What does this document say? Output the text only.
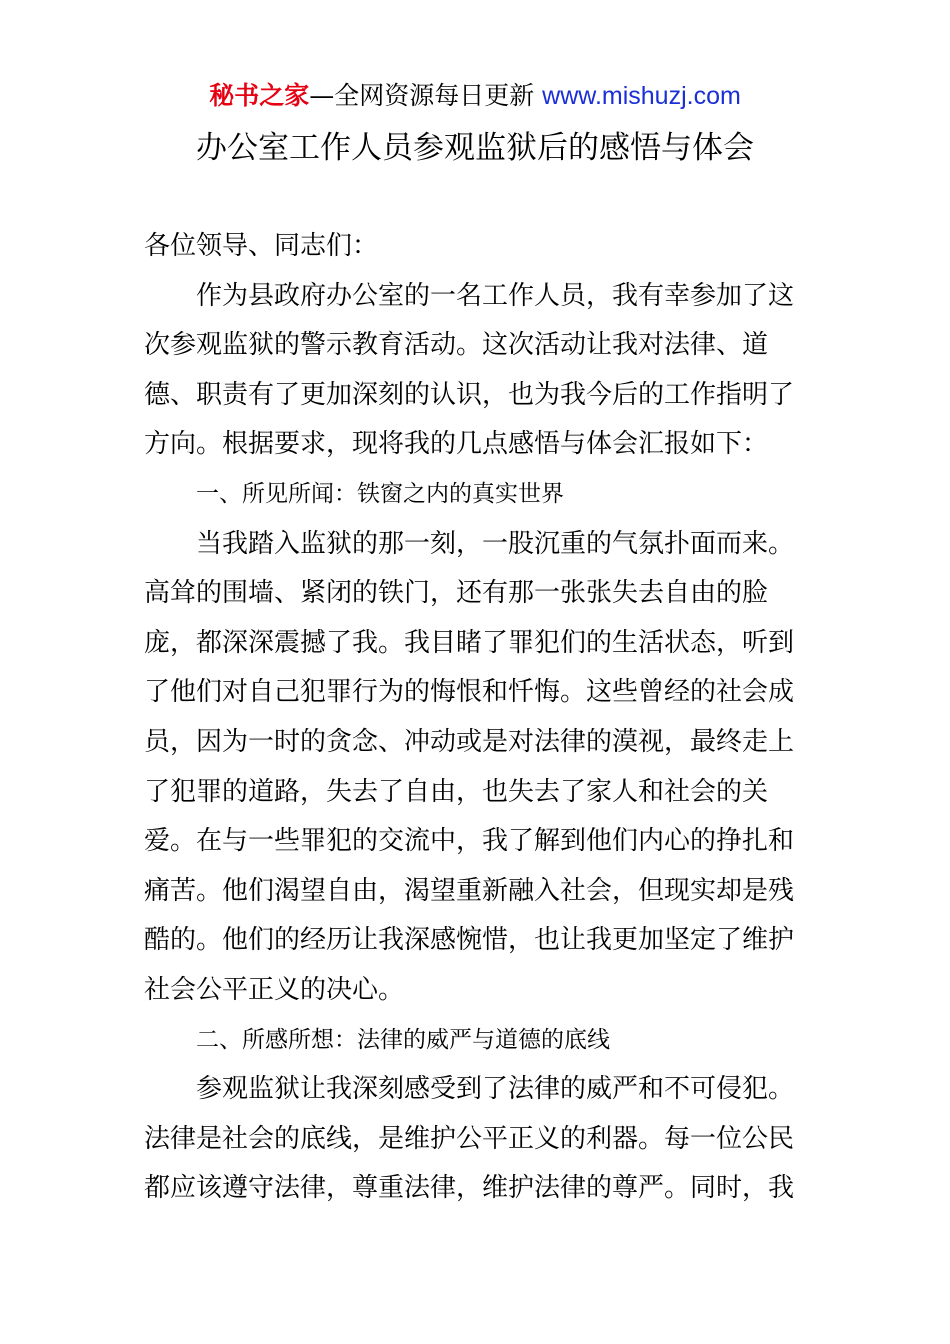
秘书之家—全网资源每日更新 www.mishuzj.com
办公室工作人员参观监狱后的感悟与体会
各位领导、同志们：
作为县政府办公室的一名工作人员，我有幸参加了这
次参观监狱的警示教育活动。这次活动让我对法律、道
德、职责有了更加深刻的认识，也为我今后的工作指明了
方向。根据要求，现将我的几点感悟与体会汇报如下：
一、所见所闻：铁窗之内的真实世界
当我踏入监狱的那一刻，一股沉重的气氛扑面而来。
高耸的围墙、紧闭的铁门，还有那一张张失去自由的脸
庞，都深深震撼了我。我目睹了罪犯们的生活状态，听到
了他们对自己犯罪行为的悔恨和忏悔。这些曾经的社会成
员，因为一时的贪念、冲动或是对法律的漠视，最终走上
了犯罪的道路，失去了自由，也失去了家人和社会的关
爱。在与一些罪犯的交流中，我了解到他们内心的挣扎和
痛苦。他们渴望自由，渴望重新融入社会，但现实却是残
酷的。他们的经历让我深感惋惜，也让我更加坚定了维护
社会公平正义的决心。
二、所感所想：法律的威严与道德的底线
参观监狱让我深刻感受到了法律的威严和不可侵犯。
法律是社会的底线，是维护公平正义的利器。每一位公民
都应该遵守法律，尊重法律，维护法律的尊严。同时，我
